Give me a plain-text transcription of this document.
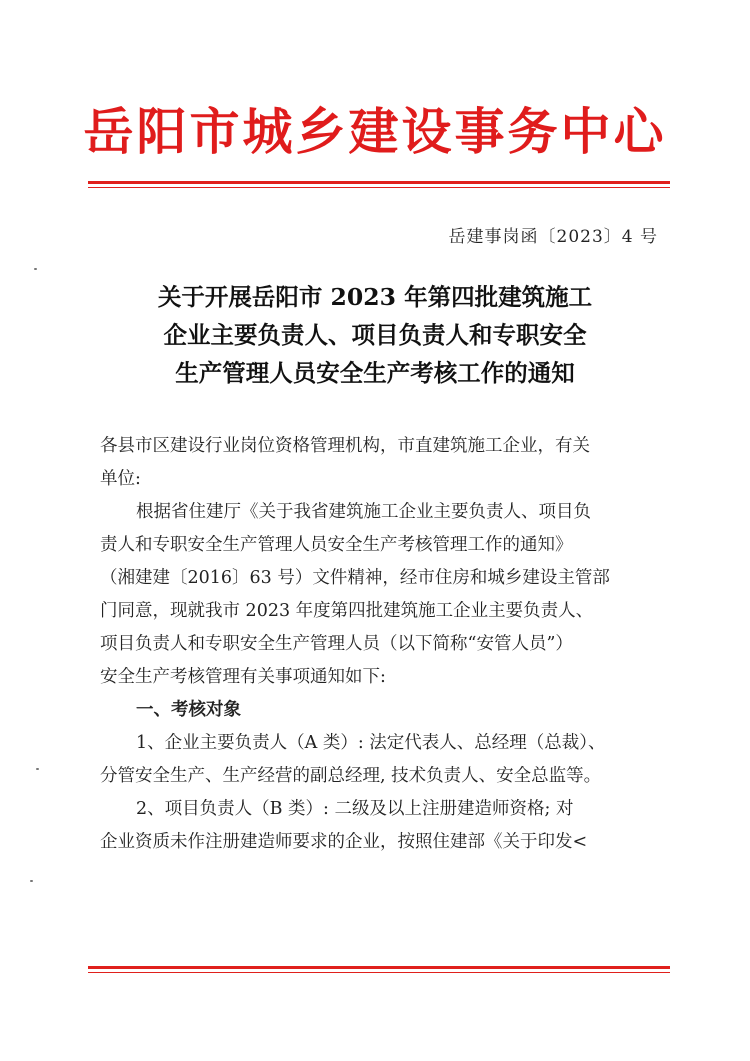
岳阳市城乡建设事务中心
岳建事岗函〔2023〕4 号
关于开展岳阳市 2023 年第四批建筑施工
企业主要负责人、项目负责人和专职安全
生产管理人员安全生产考核工作的通知

各县市区建设行业岗位资格管理机构，市直建筑施工企业，有关

单位:

根据省住建厅《关于我省建筑施工企业主要负责人、项目负

责人和专职安全生产管理人员安全生产考核管理工作的通知》

（湘建建〔2016〕63 号）文件精神，经市住房和城乡建设主管部

门同意，现就我市 2023 年度第四批建筑施工企业主要负责人、

项目负责人和专职安全生产管理人员（以下简称“安管人员”）

安全生产考核管理有关事项通知如下:

一、考核对象

1、企业主要负责人（A 类）: 法定代表人、总经理（总裁）、

分管安全生产、生产经营的副总经理, 技术负责人、安全总监等。

2、项目负责人（B 类）: 二级及以上注册建造师资格; 对

企业资质未作注册建造师要求的企业，按照住建部《关于印发<
